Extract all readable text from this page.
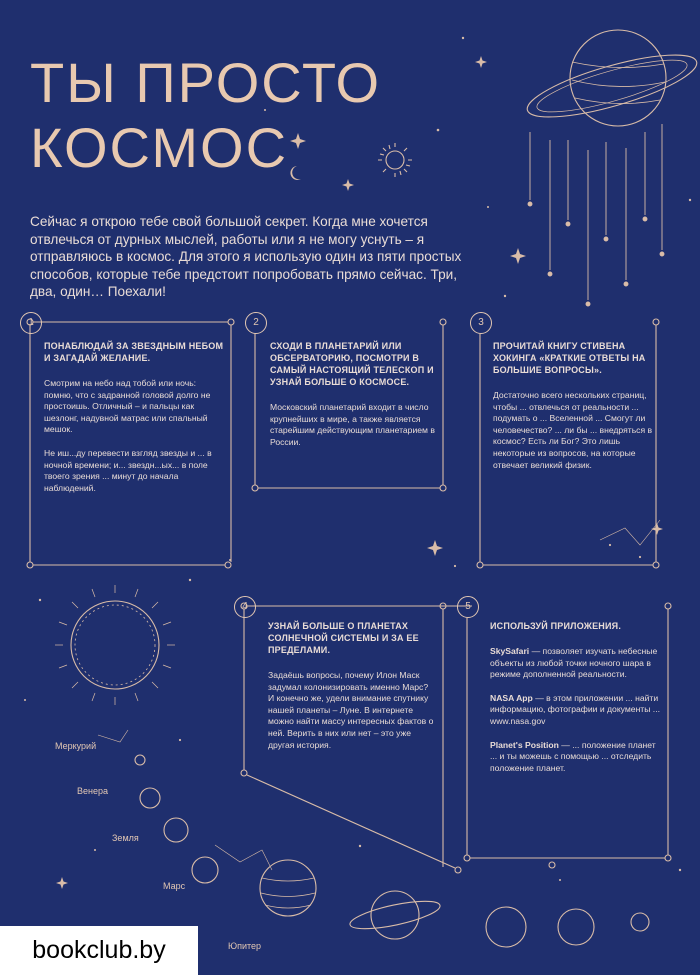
ТЫ ПРОСТО
КОСМОС
Сейчас я открою тебе свой большой секрет. Когда мне хочется отвлечься от дурных мыслей, работы или я не могу уснуть – я отправляюсь в космос. Для этого я использую один из пяти простых способов, которые тебе предстоит попробовать прямо сейчас. Три, два, один… Поехали!
1	2	3
4	5
ПОНАБЛЮДАЙ ЗА ЗВЕЗДНЫМ НЕБОМ И ЗАГАДАЙ ЖЕЛАНИЕ.

Смотрим на небо над тобой или ночь: помню, что с задранной головой долго не простоишь. Отличный – и пальцы как шезлонг, надувной матрас или спальный мешок.

Не иш...ду перевести взгляд звезды и ... в ночной времени; и... звездн...ых... в поле твоего зрения ... минут до начала наблюдений.

СХОДИ В ПЛАНЕТАРИЙ ИЛИ ОБСЕРВАТОРИЮ, ПОСМОТРИ В САМЫЙ НАСТОЯЩИЙ ТЕЛЕСКОП И УЗНАЙ БОЛЬШЕ О КОСМОСЕ.

Московский планетарий входит в число крупнейших в мире, а также является старейшим действующим планетарием в России.

ПРОЧИТАЙ КНИГУ СТИВЕНА ХОКИНГА «КРАТКИЕ ОТВЕТЫ НА БОЛЬШИЕ ВОПРОСЫ».

Достаточно всего нескольких страниц, чтобы ... отвлечься от реальности ... подумать о ... Вселенной ... Смогут ли человечество? ... ли бы ... внедряться в космос? Есть ли Бог? Это лишь некоторые из вопросов, на которые отвечает великий физик.

УЗНАЙ БОЛЬШЕ О ПЛАНЕТАХ СОЛНЕЧНОЙ СИСТЕМЫ И ЗА ЕЕ ПРЕДЕЛАМИ.

Задаёшь вопросы, почему Илон Маск задумал колонизировать именно Марс? И конечно же, удели внимание спутнику нашей планеты – Луне. В интернете можно найти массу интересных фактов о ней. Верить в них или нет – это уже другая история.

ИСПОЛЬЗУЙ ПРИЛОЖЕНИЯ.

SkySafari — позволяет изучать небесные объекты из любой точки ночного шара в режиме дополненной реальности.

NASA App — в этом приложении ... найти информацию, фотографии и документы ... www.nasa.gov

Planet's Position — ... положение планет ... и ты можешь с помощью ... отследить положение планет.

Меркурий
Венера
Земля
Марс
Юпитер
bookclub.by
